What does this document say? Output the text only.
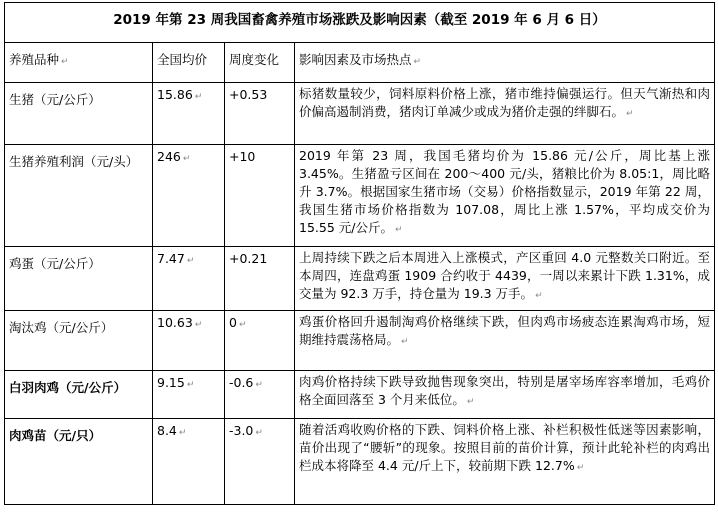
2019 年第 23 周我国畜禽养殖市场涨跌及影响因素（截至 2019 年 6 月 6 日）			
养殖品种 ↵	全国均价	周度变化	影响因素及市场热点 ↵
生猪（元/公斤）	15.86 ↵	+0.53	标猪数量较少，饲料原料价格上涨，猪市维持偏强运行。但天气渐热和肉价偏高遏制消费，猪肉订单减少或成为猪价走强的绊脚石。 ↵
生猪养殖利润（元/头）	246 ↵	+10	2019 年第 23 周，我国毛猪均价为 15.86 元/公斤，周比基上涨 3.45%。生猪盈亏区间在 200～400 元/头，猪粮比价为 8.05:1，周比略升 3.7%。根据国家生猪市场（交易）价格指数显示，2019 年第 22 周，我国生猪市场价格指数为 107.08，周比上涨 1.57%，平均成交价为 15.55 元/公斤。 ↵
鸡蛋（元/公斤）	7.47 ↵	+0.21	上周持续下跌之后本周进入上涨模式，产区重回 4.0 元整数关口附近。至本周四，连盘鸡蛋 1909 合约收于 4439，一周以来累计下跌 1.31%，成交量为 92.3 万手，持仓量为 19.3 万手。 ↵
淘汰鸡（元/公斤）	10.63 ↵	0 ↵	鸡蛋价格回升遏制淘鸡价格继续下跌，但肉鸡市场疲态连累淘鸡市场，短期维持震荡格局。 ↵
白羽肉鸡（元/公斤）	9.15 ↵	-0.6 ↵	肉鸡价格持续下跌导致抛售现象突出，特别是屠宰场库容率增加，毛鸡价格全面回落至 3 个月来低位。 ↵
肉鸡苗（元/只）	8.4 ↵	-3.0 ↵	随着活鸡收购价格的下跌、饲料价格上涨、补栏积极性低迷等因素影响，苗价出现了“腰斩”的现象。按照目前的苗价计算，预计此轮补栏的肉鸡出栏成本将降至 4.4 元/斤上下，较前期下跌 12.7% ↵
